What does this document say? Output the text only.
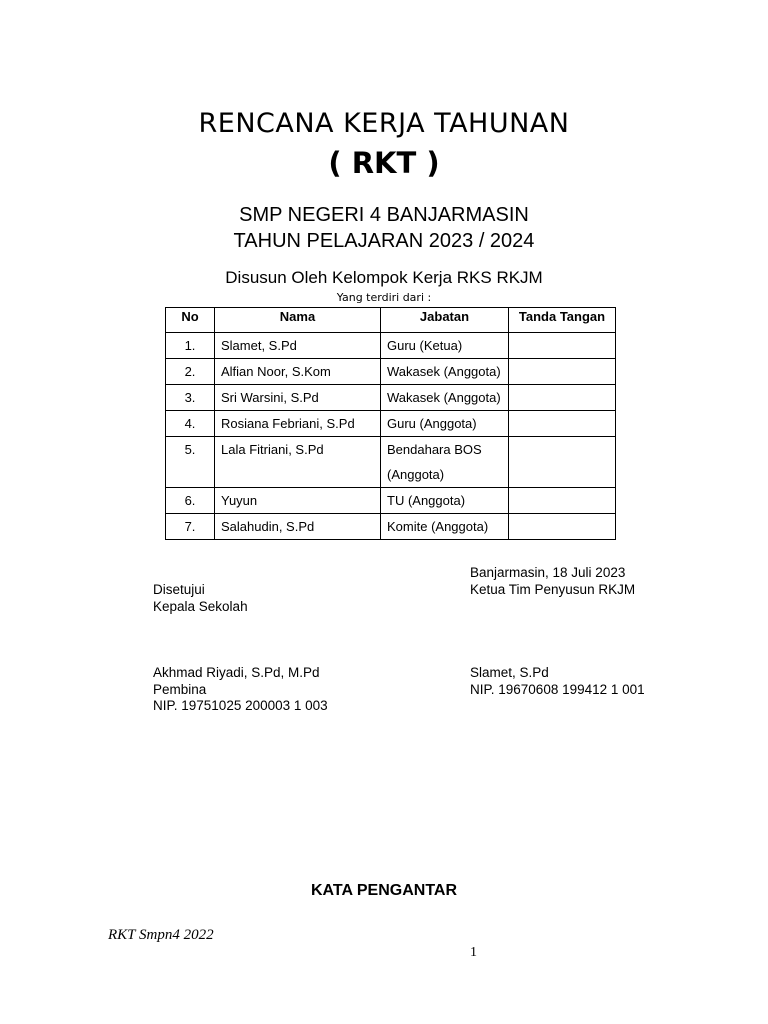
RENCANA KERJA TAHUNAN
( RKT )
SMP NEGERI 4 BANJARMASIN
TAHUN PELAJARAN 2023 / 2024
Disusun Oleh Kelompok Kerja RKS RKJM
Yang terdiri dari :
No	Nama	Jabatan	Tanda Tangan
1.	Slamet, S.Pd	Guru (Ketua)	
2.	Alfian Noor, S.Kom	Wakasek (Anggota)	
3.	Sri Warsini, S.Pd	Wakasek (Anggota)	
4.	Rosiana Febriani, S.Pd	Guru (Anggota)	
5.	Lala Fitriani, S.Pd	Bendahara BOS
(Anggota)	

6.	Yuyun	TU (Anggota)	
7.	Salahudin, S.Pd	Komite (Anggota)	
Disetujui
Kepala Sekolah
Akhmad Riyadi, S.Pd, M.Pd
Pembina
NIP. 19751025 200003 1 003
Banjarmasin, 18 Juli 2023
Ketua Tim Penyusun RKJM
Slamet, S.Pd
NIP. 19670608 199412 1 001
KATA PENGANTAR
RKT Smpn4 2022
1
